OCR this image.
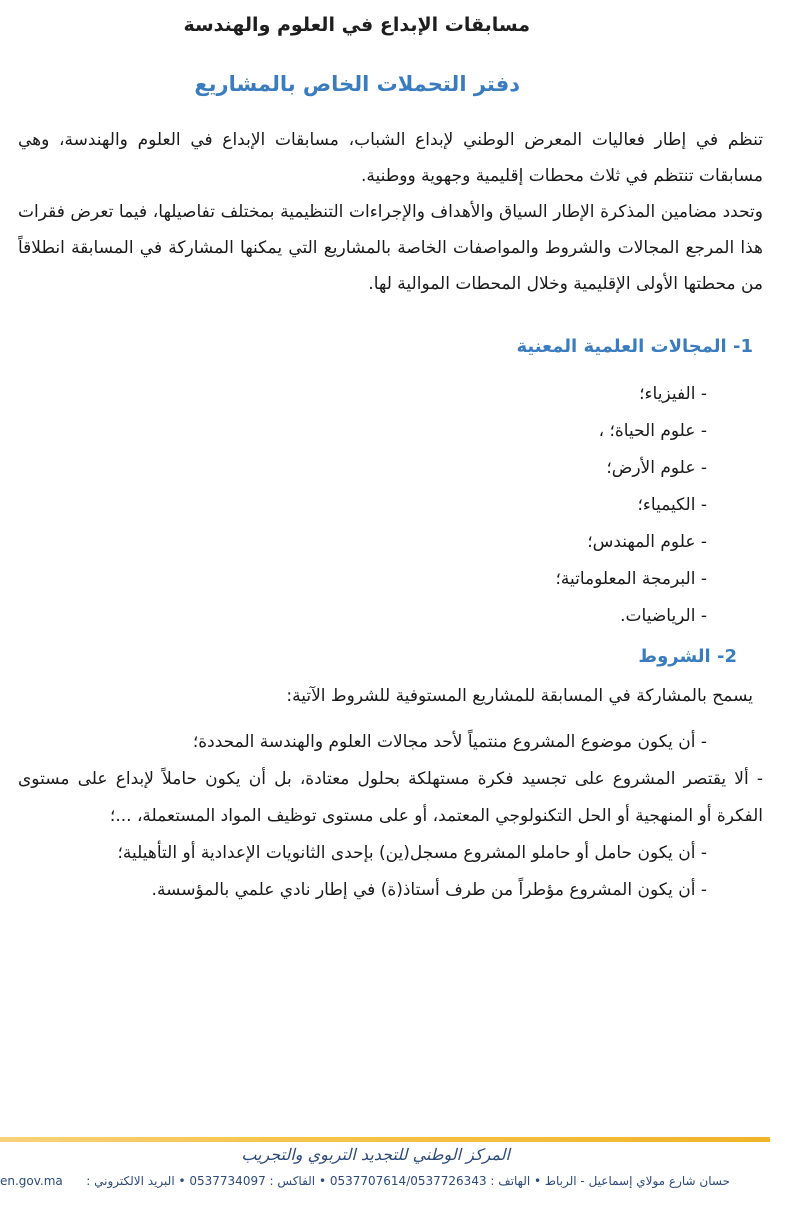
مسابقات الإبداع في العلوم والهندسة
دفتر التحملات الخاص بالمشاريع

تنظم في إطار فعاليات المعرض الوطني لإبداع الشباب، مسابقات الإبداع في العلوم والهندسة، وهي مسابقات تنتظم في ثلاث محطات إقليمية وجهوية ووطنية.

وتحدد مضامين المذكرة الإطار السياق والأهداف والإجراءات التنظيمية بمختلف تفاصيلها، فيما تعرض فقرات هذا المرجع المجالات والشروط والمواصفات الخاصة بالمشاريع التي يمكنها المشاركة في المسابقة انطلاقاً من محطتها الأولى الإقليمية وخلال المحطات الموالية لها.

1- المجالات العلمية المعنية
- الفيزياء؛
- علوم الحياة؛ ،
- علوم الأرض؛
- الكيمياء؛
- علوم المهندس؛
- البرمجة المعلوماتية؛
- الرياضيات.
2- الشروط
يسمح بالمشاركة في المسابقة للمشاريع المستوفية للشروط الآتية:
- أن يكون موضوع المشروع منتمياً لأحد مجالات العلوم والهندسة المحددة؛
- ألا يقتصر المشروع على تجسيد فكرة مستهلكة بحلول معتادة، بل أن يكون حاملاً لإبداع على مستوى الفكرة أو المنهجية أو الحل التكنولوجي المعتمد، أو على مستوى توظيف المواد المستعملة، ...؛
- أن يكون حامل أو حاملو المشروع مسجل(ين) بإحدى الثانويات الإعدادية أو التأهيلية؛
- أن يكون المشروع مؤطراً من طرف أستاذ(ة) في إطار نادي علمي بالمؤسسة.
المركز الوطني للتجديد التربوي والتجريب
حسان شارع مولاي إسماعيل - الرباط • الهاتف : 0537707614/0537726343 • الفاكس : 0537734097 • البريد الالكتروني :
en.gov.ma
